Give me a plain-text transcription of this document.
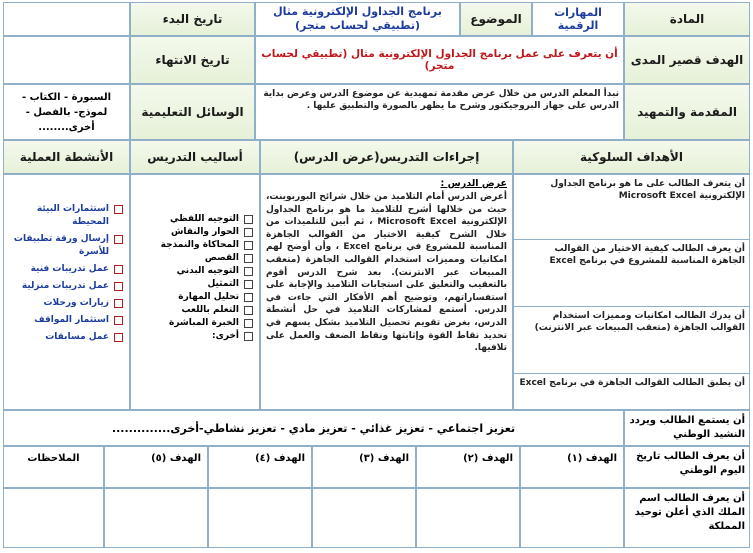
المادة
المهارات الرقمية
الموضوع
برنامج الجداول الإلكترونية مثال (تطبيقي لحساب متجر)
تاريخ البدء
الهدف قصير المدى
أن يتعرف على عمل برنامج الجداول الإلكترونية مثال (تطبيقي لحساب متجر)
تاريخ الانتهاء
المقدمة والتمهيد
نبدأ المعلم الدرس من خلال عرض مقدمة تمهيدية عن موضوع الدرس وعرض بداية الدرس على جهاز البروجيكتور وشرح ما يظهر بالصورة والتطبيق عليها .
الوسائل التعليمية
السبورة - الكتاب - لموذج- بالفصل - أخرى........
الأهداف السلوكية
إجراءات التدريس(عرض الدرس)
أساليب التدريس
الأنشطة العملية
أن يتعرف الطالب على ما هو برنامج الجداول الإلكترونية Microsoft Excel
أن يعرف الطالب كيفية الاختيار من القوالب الجاهزة المناسبة للمشروع في برنامج Excel
أن يدرك الطالب امكانيات ومميزات استخدام القوالب الجاهزة (متعقب المبيعات عبر الانترنت)
أن يطبق الطالب القوالب الجاهزة في برنامج Excel
عرض الدرس :
أعرض الدرس أمام التلاميذ من خلال شرائح البوربوينت، حيث من خلالها أشرح للتلاميذ ما هو برنامج الجداول الإلكترونية Microsoft Excel ، ثم أبين للتلميذات من خلال الشرح كيفية الاختيار من القوالب الجاهزة المناسبة للمشروع في برنامج Excel ، وأن أوضح لهم امكانيات ومميزات استخدام القوالب الجاهزة (متعقب المبيعات عبر الانترنت). بعد شرح الدرس أقوم بالتعقيب والتعليق على استجابات التلاميذ والإجابة على استفساراتهم، وتوضيح أهم الأفكار التي جاءت في الدرس. أستمع لمشاركات التلاميذ في حل أنشطة الدرس، بغرض تقويم تحصيل التلاميذ بشكل يسهم في تحديد نقاط القوة وإثابتها ونقاط الضعف والعمل على تلافيها.
التوجيه اللفظي
الحوار والنقاش
المحاكاة والنمذجة
القصص
التوجيه البدني
التمثيل
تحليل المهارة
التعلم باللعب
الخبرة المباشرة
أخرى:
استثمارات البيئة المحيطة
إرسال ورقة تطبيقات للأسرة
عمل تدريبات فنية
عمل تدريبات منزلية
زيارات ورحلات
استثمار المواقف
عمل مسابقات
أن يستمع الطالب ويردد النشيد الوطني
تعزيز اجتماعي - تعزيز غذائي - تعزيز مادي - تعزيز نشاطي-أخرى..............
أن يعرف الطالب تاريخ اليوم الوطني
الهدف (١)
الهدف (٢)
الهدف (٣)
الهدف (٤)
الهدف (٥)
الملاحظات
أن يعرف الطالب اسم الملك الذي أعلن توحيد المملكة
